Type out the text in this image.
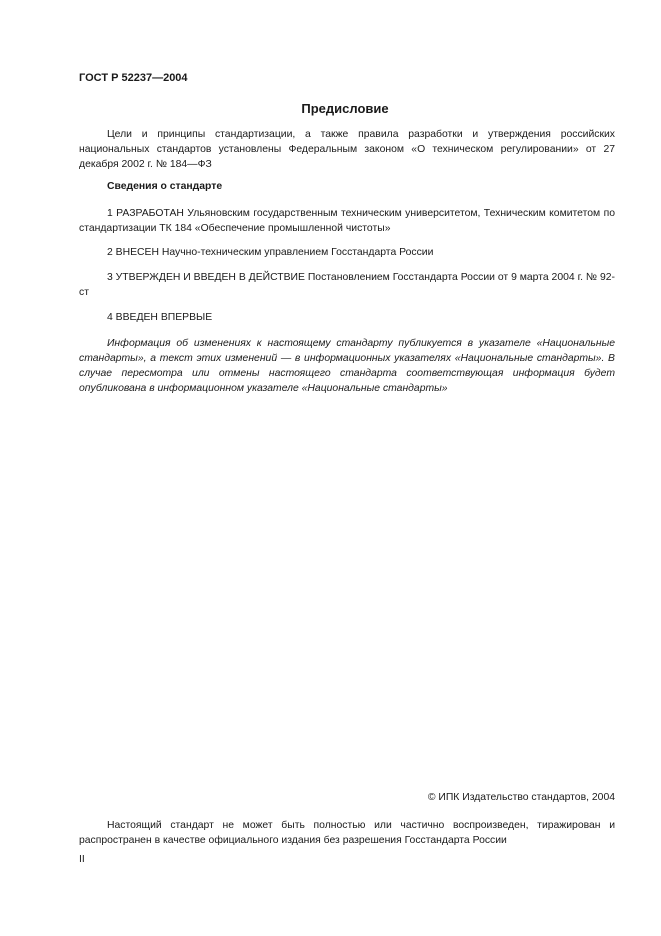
ГОСТ Р 52237—2004
Предисловие
Цели и принципы стандартизации, а также правила разработки и утверждения российских национальных стандартов установлены Федеральным законом «О техническом регулировании» от 27 декабря 2002 г. № 184—ФЗ
Сведения о стандарте
1 РАЗРАБОТАН Ульяновским государственным техническим университетом, Техническим комитетом по стандартизации ТК 184 «Обеспечение промышленной чистоты»
2 ВНЕСЕН Научно-техническим управлением Госстандарта России
3 УТВЕРЖДЕН И ВВЕДЕН В ДЕЙСТВИЕ Постановлением Госстандарта России от 9 марта 2004 г. № 92-ст
4 ВВЕДЕН ВПЕРВЫЕ
Информация об изменениях к настоящему стандарту публикуется в указателе «Национальные стандарты», а текст этих изменений — в информационных указателях «Национальные стандарты». В случае пересмотра или отмены настоящего стандарта соответствующая информация будет опубликована в информационном указателе «Национальные стандарты»
© ИПК Издательство стандартов, 2004
Настоящий стандарт не может быть полностью или частично воспроизведен, тиражирован и распространен в качестве официального издания без разрешения Госстандарта России
II
